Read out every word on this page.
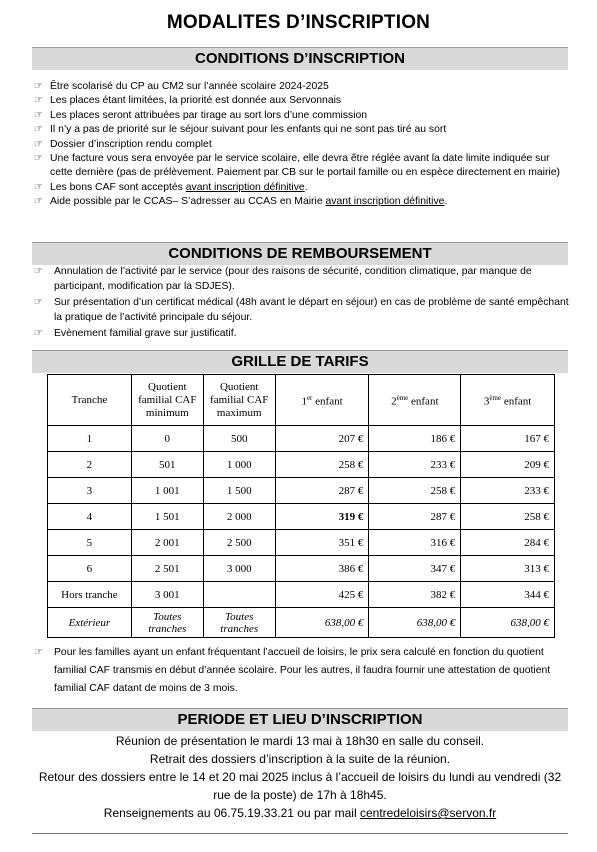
MODALITES D’INSCRIPTION
CONDITIONS D’INSCRIPTION
☞ Être scolarisé du CP au CM2 sur l’année scolaire 2024-2025
☞ Les places étant limitées, la priorité est donnée aux Servonnais
☞ Les places seront attribuées par tirage au sort lors d’une commission
☞ Il n’y a pas de priorité sur le séjour suivant pour les enfants qui ne sont pas tiré au sort
☞ Dossier d’inscription rendu complet
☞ Une facture vous sera envoyée par le service scolaire, elle devra être réglée avant la date limite indiquée sur cette dernière (pas de prélèvement. Paiement par CB sur le portail famille ou en espèce directement en mairie)
☞ Les bons CAF sont acceptés avant inscription définitive.
☞ Aide possible par le CCAS– S’adresser au CCAS en Mairie avant inscription définitive.
CONDITIONS DE REMBOURSEMENT
☞ Annulation de l’activité par le service (pour des raisons de sécurité, condition climatique, par manque de participant, modification par la SDJES).
☞ Sur présentation d’un certificat médical (48h avant le départ en séjour) en cas de problème de santé empêchant la pratique de l’activité principale du séjour.
☞ Evènement familial grave sur justificatif.
GRILLE DE TARIFS
Tranche	Quotient familial CAF minimum	Quotient familial CAF maximum	1er enfant	2ème enfant	3ème enfant
1	0	500	207 €	186 €	167 €
2	501	1 000	258 €	233 €	209 €
3	1 001	1 500	287 €	258 €	233 €
4	1 501	2 000	319 €	287 €	258 €
5	2 001	2 500	351 €	316 €	284 €
6	2 501	3 000	386 €	347 €	313 €
Hors tranche	3 001		425 €	382 €	344 €
Extérieur	Toutes tranches	Toutes tranches	638,00 €	638,00 €	638,00 €
☞ Pour les familles ayant un enfant fréquentant l’accueil de loisirs, le prix sera calculé en fonction du quotient familial CAF transmis en début d’année scolaire. Pour les autres, il faudra fournir une attestation de quotient familial CAF datant de moins de 3 mois.
PERIODE ET LIEU D’INSCRIPTION
Réunion de présentation le mardi 13 mai à 18h30 en salle du conseil.
Retrait des dossiers d’inscription à la suite de la réunion.
Retour des dossiers entre le 14 et 20 mai 2025 inclus à l’accueil de loisirs du lundi au vendredi (32 rue de la poste) de 17h à 18h45.
Renseignements au 06.75.19.33.21 ou par mail centredeloisirs@servon.fr
